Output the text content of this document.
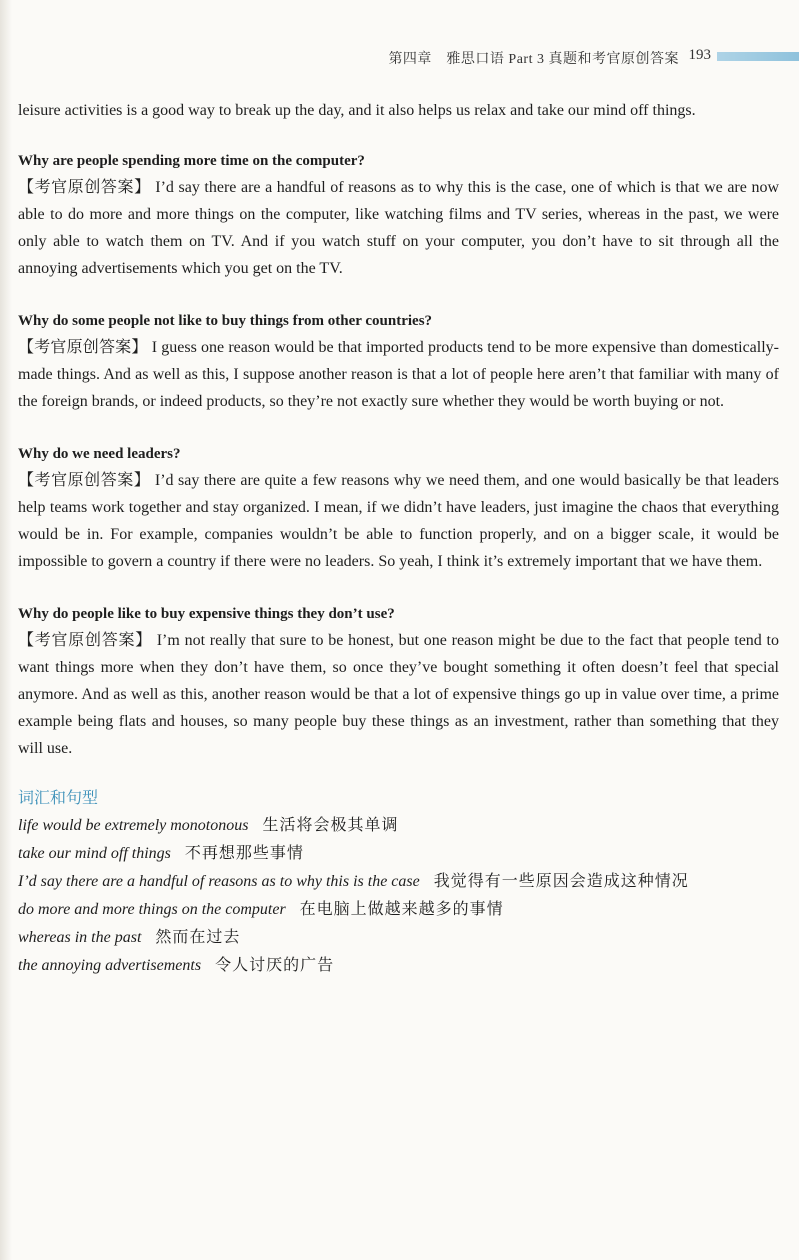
第四章　雅思口语 Part 3 真题和考官原创答案 193

leisure activities is a good way to break up the day, and it also helps us relax and take our mind off things.

Why are people spending more time on the computer?

【考官原创答案】 I’d say there are a handful of reasons as to why this is the case, one of which is that we are now able to do more and more things on the computer, like watching films and TV series, whereas in the past, we were only able to watch them on TV. And if you watch stuff on your computer, you don’t have to sit through all the annoying advertisements which you get on the TV.

Why do some people not like to buy things from other countries?

【考官原创答案】 I guess one reason would be that imported products tend to be more expensive than domestically-made things. And as well as this, I suppose another reason is that a lot of people here aren’t that familiar with many of the foreign brands, or indeed products, so they’re not exactly sure whether they would be worth buying or not.

Why do we need leaders?

【考官原创答案】 I’d say there are quite a few reasons why we need them, and one would basically be that leaders help teams work together and stay organized. I mean, if we didn’t have leaders, just imagine the chaos that everything would be in. For example, companies wouldn’t be able to function properly, and on a bigger scale, it would be impossible to govern a country if there were no leaders. So yeah, I think it’s extremely important that we have them.

Why do people like to buy expensive things they don’t use?

【考官原创答案】 I’m not really that sure to be honest, but one reason might be due to the fact that people tend to want things more when they don’t have them, so once they’ve bought something it often doesn’t feel that special anymore. And as well as this, another reason would be that a lot of expensive things go up in value over time, a prime example being flats and houses, so many people buy these things as an investment, rather than something that they will use.

词汇和句型

life would be extremely monotonous 生活将会极其单调

take our mind off things 不再想那些事情

I’d say there are a handful of reasons as to why this is the case 我觉得有一些原因会造成这种情况

do more and more things on the computer 在电脑上做越来越多的事情

whereas in the past 然而在过去

the annoying advertisements 令人讨厌的广告
